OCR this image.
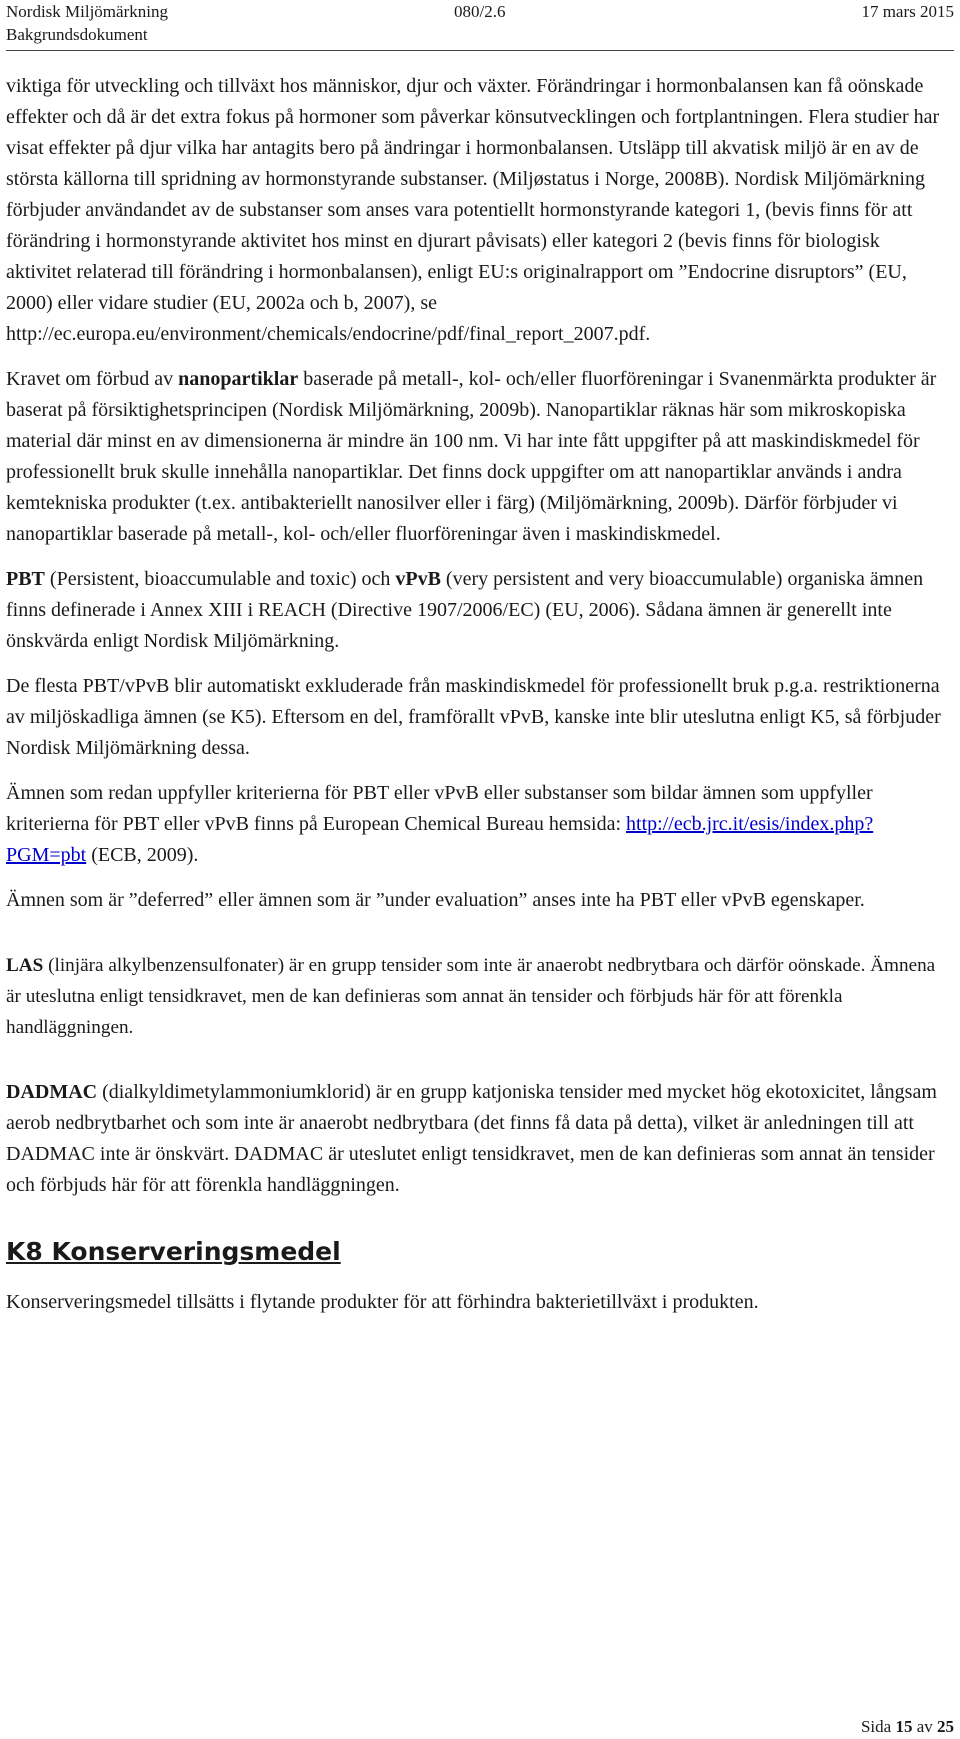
Nordisk Miljömärkning
Bakgrundsdokument
080/2.6	17 mars 2015

viktiga för utveckling och tillväxt hos människor, djur och växter. Förändringar i hormonbalansen kan få oönskade effekter och då är det extra fokus på hormoner som påverkar könsutvecklingen och fortplantningen. Flera studier har visat effekter på djur vilka har antagits bero på ändringar i hormonbalansen. Utsläpp till akvatisk miljö är en av de största källorna till spridning av hormonstyrande substanser. (Miljøstatus i Norge, 2008B). Nordisk Miljömärkning förbjuder användandet av de substanser som anses vara potentiellt hormonstyrande kategori 1, (bevis finns för att förändring i hormonstyrande aktivitet hos minst en djurart påvisats) eller kategori 2 (bevis finns för biologisk aktivitet relaterad till förändring i hormonbalansen), enligt EU:s originalrapport om ”Endocrine disruptors” (EU, 2000) eller vidare studier (EU, 2002a och b, 2007), se http://ec.europa.eu/environment/chemicals/endocrine/pdf/final_report_2007.pdf.

Kravet om förbud av nanopartiklar baserade på metall-, kol- och/eller fluorföreningar i Svanenmärkta produkter är baserat på försiktighetsprincipen (Nordisk Miljömärkning, 2009b). Nanopartiklar räknas här som mikroskopiska material där minst en av dimensionerna är mindre än 100 nm. Vi har inte fått uppgifter på att maskindiskmedel för professionellt bruk skulle innehålla nanopartiklar. Det finns dock uppgifter om att nanopartiklar används i andra kemtekniska produkter (t.ex. antibakteriellt nanosilver eller i färg) (Miljömärkning, 2009b). Därför förbjuder vi nanopartiklar baserade på metall-, kol- och/eller fluorföreningar även i maskindiskmedel.

PBT (Persistent, bioaccumulable and toxic) och vPvB (very persistent and very bioaccumulable) organiska ämnen finns definerade i Annex XIII i REACH (Directive 1907/2006/EC) (EU, 2006). Sådana ämnen är generellt inte önskvärda enligt Nordisk Miljömärkning.

De flesta PBT/vPvB blir automatiskt exkluderade från maskindiskmedel för professionellt bruk p.g.a. restriktionerna av miljöskadliga ämnen (se K5). Eftersom en del, framförallt vPvB, kanske inte blir uteslutna enligt K5, så förbjuder Nordisk Miljömärkning dessa.

Ämnen som redan uppfyller kriterierna för PBT eller vPvB eller substanser som bildar ämnen som uppfyller kriterierna för PBT eller vPvB finns på European Chemical Bureau hemsida: http://ecb.jrc.it/esis/index.php?PGM=pbt (ECB, 2009).

Ämnen som är ”deferred” eller ämnen som är ”under evaluation” anses inte ha PBT eller vPvB egenskaper.

LAS (linjära alkylbenzensulfonater) är en grupp tensider som inte är anaerobt nedbrytbara och därför oönskade. Ämnena är uteslutna enligt tensidkravet, men de kan definieras som annat än tensider och förbjuds här för att förenkla handläggningen.

DADMAC (dialkyldimetylammoniumklorid) är en grupp katjoniska tensider med mycket hög ekotoxicitet, långsam aerob nedbrytbarhet och som inte är anaerobt nedbrytbara (det finns få data på detta), vilket är anledningen till att DADMAC inte är önskvärt. DADMAC är uteslutet enligt tensidkravet, men de kan definieras som annat än tensider och förbjuds här för att förenkla handläggningen.

K8 Konserveringsmedel

Konserveringsmedel tillsätts i flytande produkter för att förhindra bakterietillväxt i produkten.

Sida 15 av 25
